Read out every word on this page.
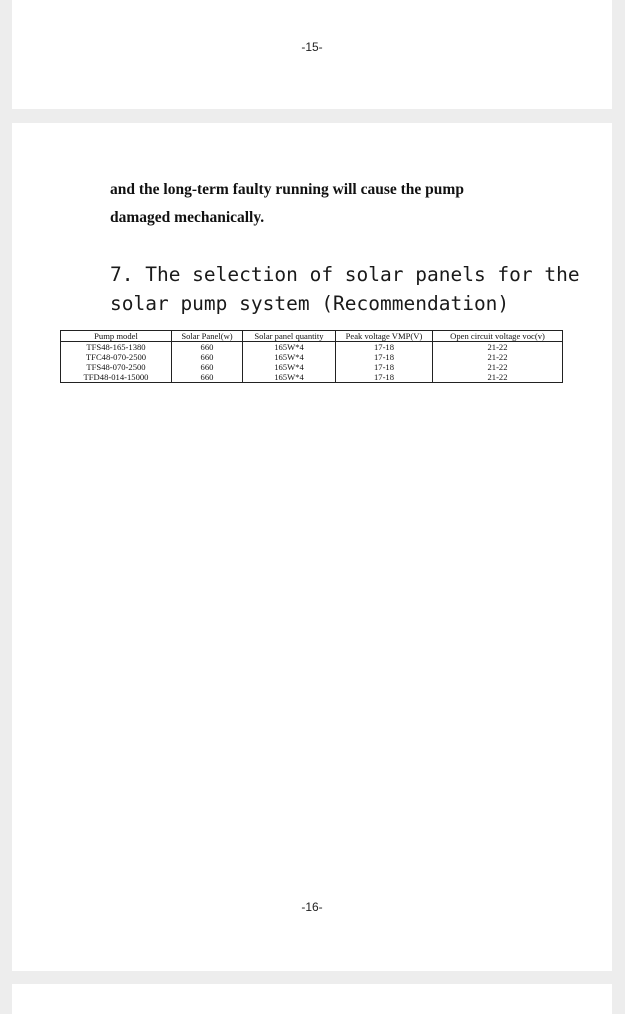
-15-

and the long-term faulty running will cause the pump

damaged mechanically.

7. The selection of solar panels for the
solar pump system (Recommendation)
Pump model	Solar Panel(w)	Solar panel quantity	Peak voltage VMP(V)	Open circuit voltage voc(v)
TFS48-165-1380	660	165W*4	17-18	21-22
TFC48-070-2500	660	165W*4	17-18	21-22
TFS48-070-2500	660	165W*4	17-18	21-22
TFD48-014-15000	660	165W*4	17-18	21-22
-16-
